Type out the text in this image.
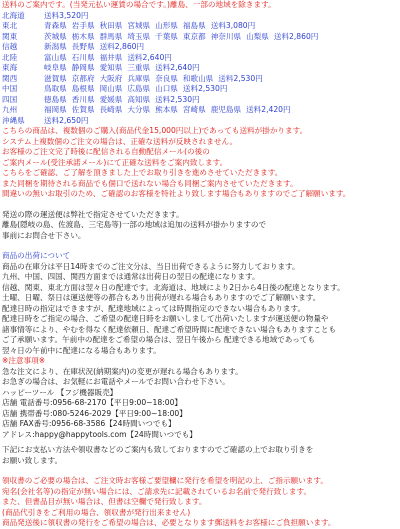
送料のご案内です。(当発元払い運賃の場合です。)離島、一部の地域を除きます。
北海道	送料3,520円
東北	青森県 岩手県 秋田県 宮城県 山形県 福島県 送料3,080円
関東	茨城県 栃木県 群馬県 埼玉県 千葉県 東京都 神奈川県 山梨県 送料2,860円
信越	新潟県 長野県 送料2,860円
北陸	富山県 石川県 福井県 送料2,640円
東海	岐阜県 静岡県 愛知県 三重県 送料2,640円
関西	滋賀県 京都府 大阪府 兵庫県 奈良県 和歌山県 送料2,530円
中国	鳥取県 島根県 岡山県 広島県 山口県 送料2,530円
四国	徳島県 香川県 愛媛県 高知県 送料2,530円
九州	福岡県 佐賀県 長崎県 大分県 熊本県 宮崎県 鹿児島県 送料2,420円
沖縄県	送料2,650円
こちらの商品は、複数個のご購入(商品代金15,000円以上)であっても送料が掛かります。
システム上複数個のご注文の場合は、正確な送料が反映されません。
お客様のご注文完了時後に配信される自動配信メール(の後の
ご案内メール(受注承諾メール)にて正確な送料をご案内致します。
こちらをご確認、ご了解を頂きました上でお取り引きを進めさせていただきます。
また同梱を期待される商品でも個口で送れない場合も同梱ご案内させていただきます。
間違いの無いお取引のため、ご確認のお客様を特社より致します場合もありますのでご了解願います。
発送の際の運送便は弊社で指定させていただきます。
離島(隠岐の島、佐渡島、三宅島等)一部の地域は追加の送料が掛かりますので
事前にお問合せ下さい。
商品の出荷について
商品の在庫分は平日14時までのご注文分は、当日出荷できるように努力しております。
九州、中国、四国、関西方面までは通常は出荷日の翌日の配達になります。
信越、関東、東北方面は翌々日の配達です。北海道は、地域により2日から4日後の配達となります。
土曜、日曜、祭日は運送便等の都合もあり出荷が遅れる場合もありますのでご了解願います。
配達日時の指定はできますが、配達地域によっては時間指定のできない場合もあります。
配達日時をご指定の場合、ご希望の配達日時をお願いしまして出荷いたしますが運送便の物量や
諸事情等により、やむを得なく配達依頼日、配達ご希望時間に配達できない場合もありますことも
ご了承願います。午前中の配達をご希望の場合は、翌日午後から 配達できる地域であっても
翌々日の午前中に配達になる場合もあります。
※注意事項※
急な注文により、在庫状況(納期案内)の変更が遅れる場合もあります。
お急ぎの場合は、お気軽にお電話やメールでお問い合わせ下さい。
ハッピーツール 【フジ機器販売】
店舗 電話番号:0956-68-2170【平日9:00~18:00】
店舗 携帯番号:080-5246-2029【平日9:00~18:00】
店舗 FAX番号:0956-68-3586【24時間いつでも】
アドレス:happy@happytools.com【24時間いつでも】
下記にお支払い方法や領収書などのご案内も致しておりますのでご確認の上でお取り引きを
お願い致します。
領収書のご必要の場合は、ご注文時お客様ご要望欄に発行を希望を明記の上、ご指示願います。
宛名(会社名等)の指定が無い場合には、ご請求先に記載されているお名前で発行致します。
また、但書品目が無い場合は、但書は空欄で発行致します。
(商品代引きをご利用の場合、領収書が発行出来ません)
商品発送後に領収書の発行をご希望の場合は、必要となります郵送料をお客様にご負担願います。
